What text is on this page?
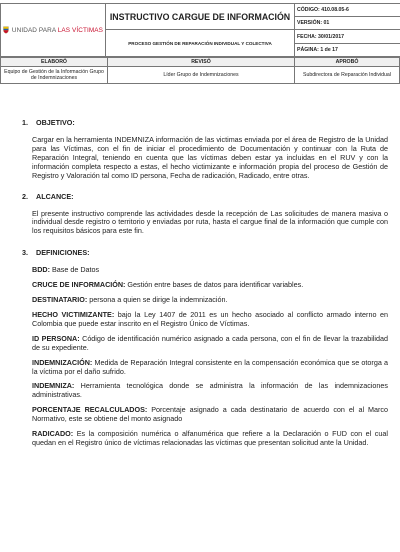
UNIDAD PARA LAS VÍCTIMAS	INSTRUCTIVO CARGUE DE INFORMACIÓN	CÓDIGO: 410.08.05-6
		VERSIÓN: 01
	PROCESO GESTIÓN DE REPARACIÓN INDIVIDUAL Y COLECTIVA	FECHA: 30/01/2017
		PÁGINA: 1 de 17
ELABORÓ	REVISÓ	APROBÓ
Equipo de Gestión de la Información Grupo de Indemnizaciones	Líder Grupo de Indemnizaciones	Subdirectora de Reparación Individual
1. OBJETIVO:

Cargar en la herramienta INDEMNIZA información de las victimas enviada por el área de Registro de la Unidad para las Víctimas, con el fin de iniciar el procedimiento de Documentación y continuar con la Ruta de Reparación Integral, teniendo en cuenta que las víctimas deben estar ya incluidas en el RUV y con la información completa respecto a estas, el hecho victimizante e información propia del proceso de Gestión de Registro y Valoración tal como ID persona, Fecha de radicación, Radicado, entre otras.

2. ALCANCE:

El presente instructivo comprende las actividades desde la recepción de Las solicitudes de manera masiva o individual desde registro o territorio y enviadas por ruta, hasta el cargue final de la información que cumple con los requisitos básicos para este fin.

3. DEFINICIONES:

BDD: Base de Datos

CRUCE DE INFORMACIÓN: Gestión entre bases de datos para identificar variables.

DESTINATARIO: persona a quien se dirige la indemnización.

HECHO VICTIMIZANTE: bajo la Ley 1407 de 2011 es un hecho asociado al conflicto armado interno en Colombia que puede estar inscrito en el Registro Único de Víctimas.

ID PERSONA: Código de identificación numérico asignado a cada persona, con el fin de llevar la trazabilidad de su expediente.

INDEMNIZACIÓN: Medida de Reparación Integral consistente en la compensación económica que se otorga a la víctima por el daño sufrido.

INDEMNIZA: Herramienta tecnológica donde se administra la información de las indemnizaciones administrativas.

PORCENTAJE RECALCULADOS: Porcentaje asignado a cada destinatario de acuerdo con el al Marco Normativo, este se obtiene del monto asignado

RADICADO: Es la composición numérica o alfanumérica que refiere a la Declaración o FUD con el cual quedan en el Registro único de víctimas relacionadas las víctimas que presentan solicitud ante la Unidad.
